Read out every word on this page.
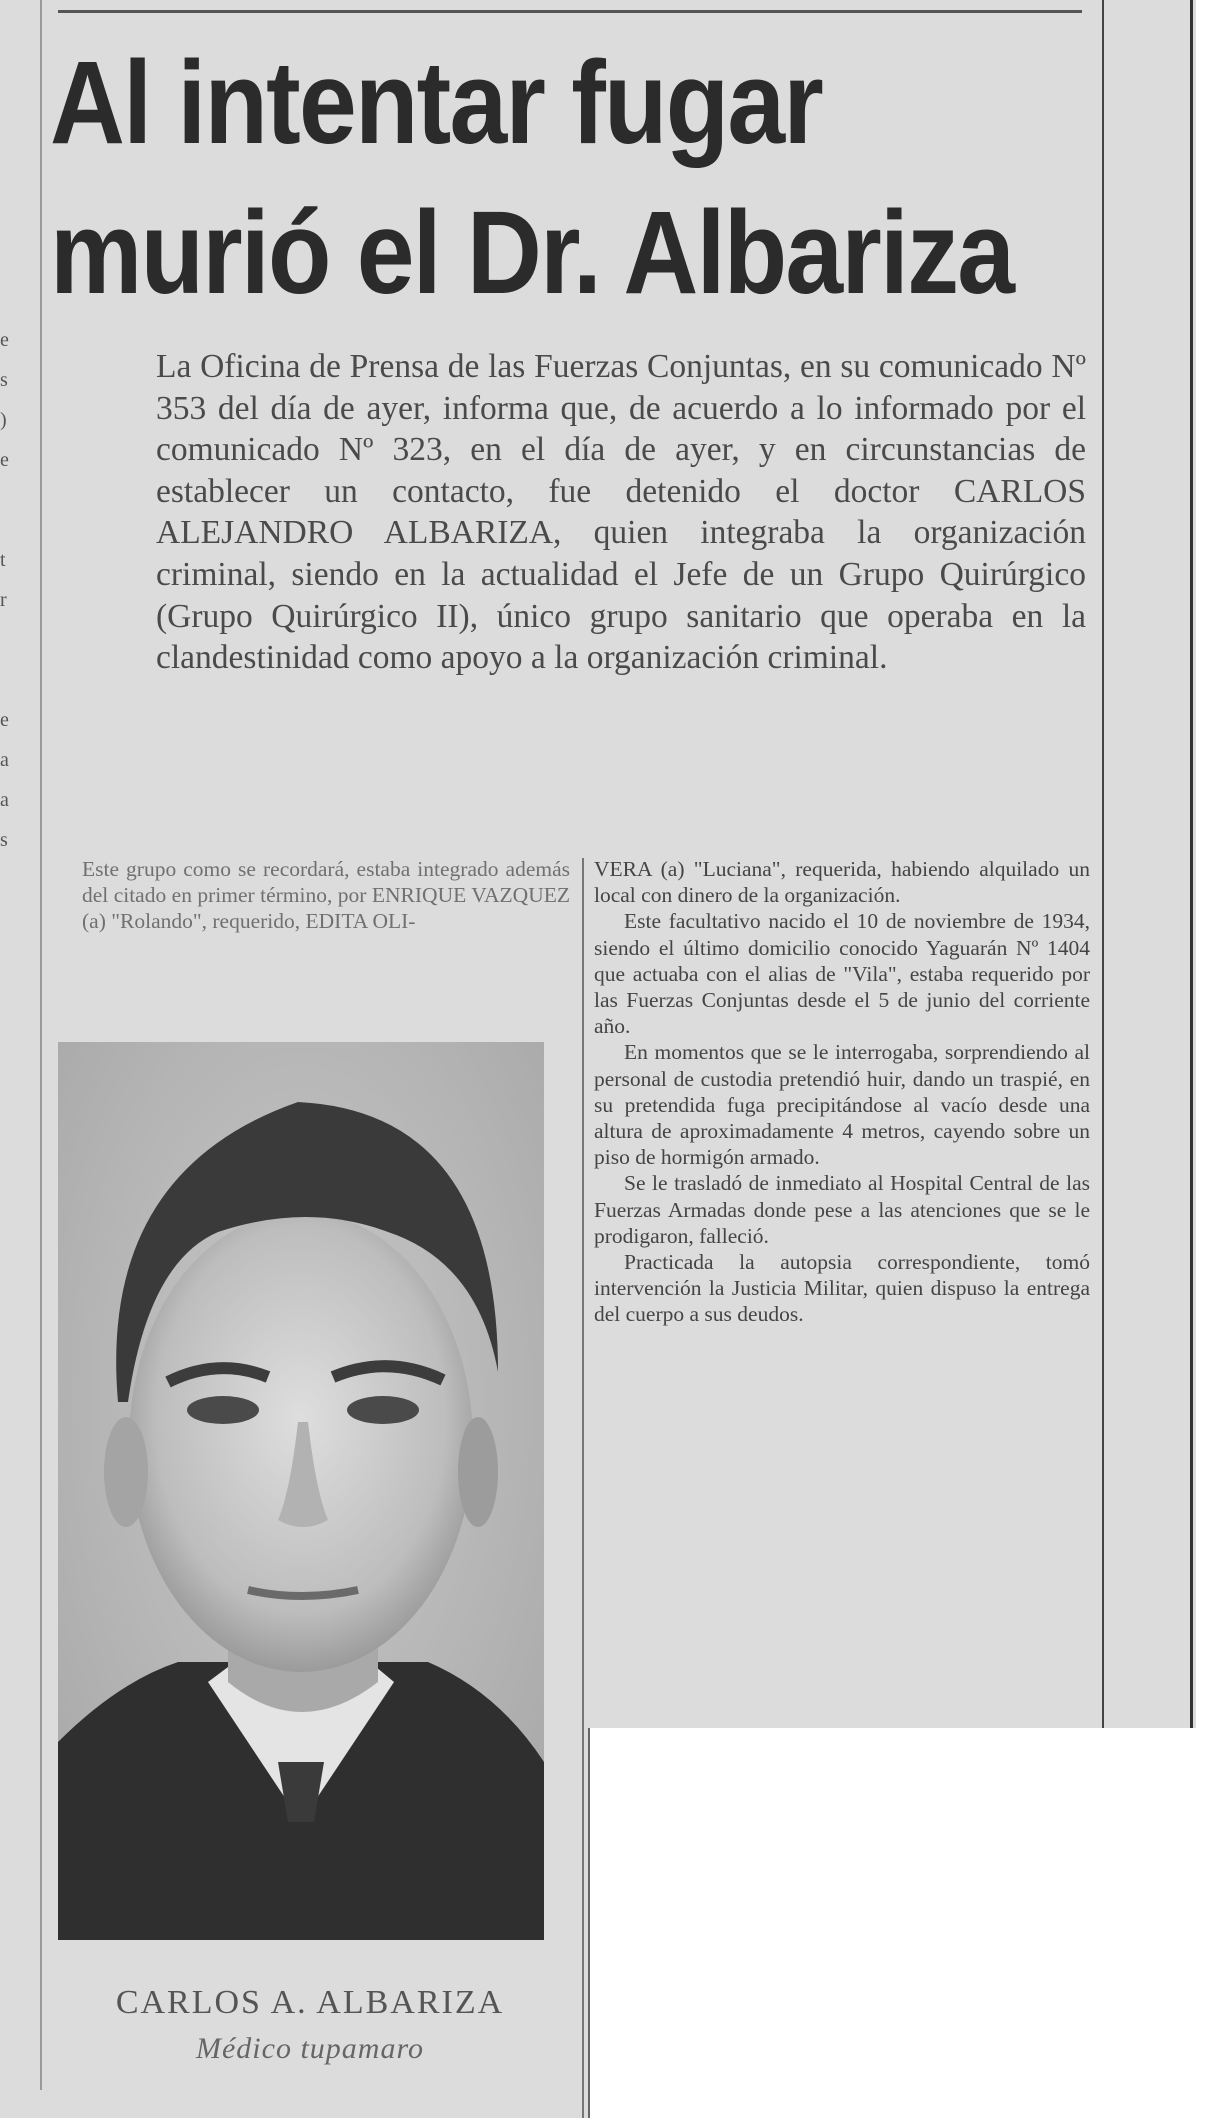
e
s
)
e
t
r
e
a
a
s
Al intentar fugar
murió el Dr. Albariza
La Oficina de Prensa de las Fuerzas Conjuntas, en su comunicado Nº 353 del día de ayer, informa que, de acuerdo a lo informado por el comunicado Nº 323, en el día de ayer, y en circunstancias de establecer un contacto, fue detenido el doctor CARLOS ALEJANDRO ALBARIZA, quien integraba la organización criminal, siendo en la actualidad el Jefe de un Grupo Quirúrgico (Grupo Quirúrgico II), único grupo sanitario que operaba en la clandestinidad como apoyo a la organización criminal.
Este grupo como se recordará, estaba integrado además del citado en primer término, por ENRIQUE VAZQUEZ (a) "Rolando", requerido, EDITA OLI-

VERA (a) "Luciana", requerida, habiendo alquilado un local con dinero de la organización.

Este facultativo nacido el 10 de noviembre de 1934, siendo el último domicilio conocido Yaguarán Nº 1404 que actuaba con el alias de "Vila", estaba requerido por las Fuerzas Conjuntas desde el 5 de junio del corriente año.

En momentos que se le interrogaba, sorprendiendo al personal de custodia pretendió huir, dando un traspié, en su pretendida fuga precipitándose al vacío desde una altura de aproximadamente 4 metros, cayendo sobre un piso de hormigón armado.

Se le trasladó de inmediato al Hospital Central de las Fuerzas Armadas donde pese a las atenciones que se le prodigaron, falleció.

Practicada la autopsia correspondiente, tomó intervención la Justicia Militar, quien dispuso la entrega del cuerpo a sus deudos.

CARLOS A. ALBARIZA
Médico tupamaro
